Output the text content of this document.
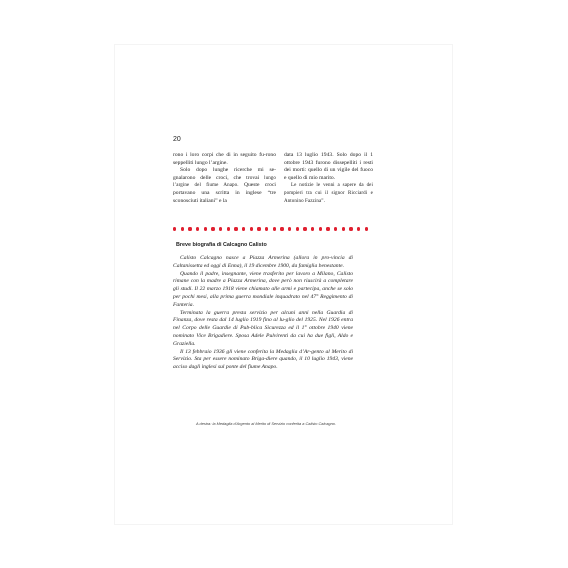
20

rono i loro corpi che di in seguito fu-rono seppelliti lungo l’argine.

Solo dopo lunghe ricerche mi se-gnalarono delle croci, che trovai lungo l’argine del fiume Anapo. Queste croci portavano una scritta in inglese “tre sconosciuti italiani” e la

data 13 luglio 1943. Solo dopo il 1 ottobre 1943 furono dissepelliti i resti dei morti: quello di un vigile del fuoco e quello di mio marito.

Le notizie le venni a sapere da dei pompieri tra cui il signor Ricciardi e Antonino Fazzina”.

Breve biografia di Calcagno Calisto

Calisto Calcagno nasce a Piazza Armerina (allora in pro-vincia di Caltanissetta ed oggi di Enna), il 19 dicembre 1900, da famiglia benestante.

Quando il padre, insegnante, viene trasferito per lavoro a Milano, Calisto rimane con la madre a Piazza Armerina, dove però non riuscirà a completare gli studi. Il 22 marzo 1918 viene chiamato alle armi e partecipa, anche se solo per pochi mesi, alla prima guerra mondiale inquadrato nel 47° Reggimento di Fanteria.

Terminata la guerra presta servizio per alcuni anni nella Guardia di Finanza, dove resta dal 14 luglio 1919 fino al lu-glio del 1925. Nel 1926 entra nel Corpo delle Guardie di Pub-blica Sicurezza ed il 1° ottobre 1940 viene nominato Vice Brigadiere. Sposa Adele Pulvirenti da cui ha due figli, Aldo e Graziella.

Il 13 febbraio 1936 gli viene conferita la Medaglia d’Ar-gento al Merito di Servizio. Sta per essere nominato Briga-diere quando, il 10 luglio 1943, viene acciso dagli inglesi sul ponte del fiume Anapo.

A destra: la Medaglia d’Argento al Merito di Servizio conferita a Calisto Calcagno.
